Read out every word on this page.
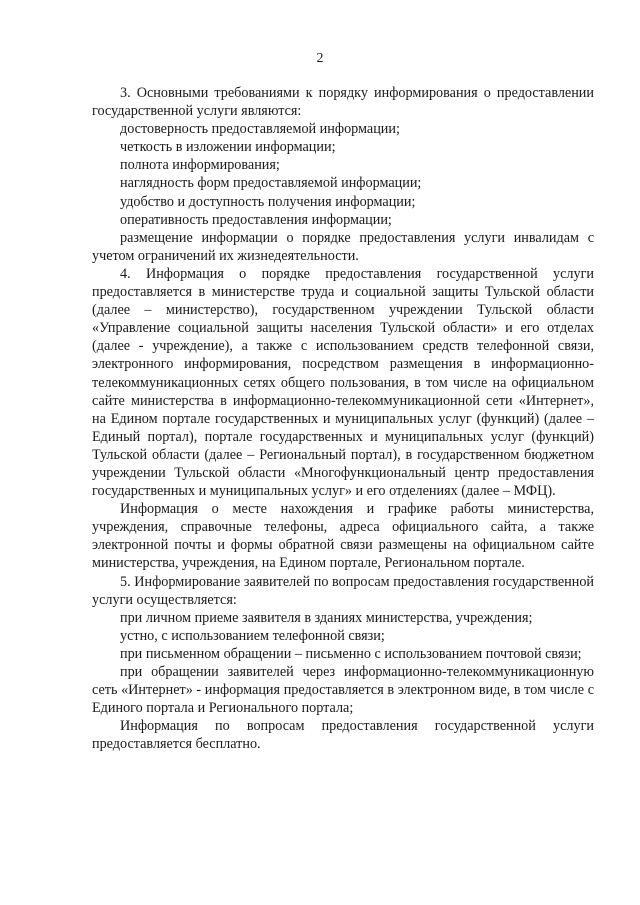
2

3. Основными требованиями к порядку информирования о предоставлении государственной услуги являются:

достоверность предоставляемой информации;

четкость в изложении информации;

полнота информирования;

наглядность форм предоставляемой информации;

удобство и доступность получения информации;

оперативность предоставления информации;

размещение информации о порядке предоставления услуги инвалидам с учетом ограничений их жизнедеятельности.

4. Информация о порядке предоставления государственной услуги предоставляется в министерстве труда и социальной защиты Тульской области (далее – министерство), государственном учреждении Тульской области «Управление социальной защиты населения Тульской области» и его отделах (далее - учреждение), а также с использованием средств телефонной связи, электронного информирования, посредством размещения в информационно-телекоммуникационных сетях общего пользования, в том числе на официальном сайте министерства в информационно-телекоммуникационной сети «Интернет», на Едином портале государственных и муниципальных услуг (функций) (далее – Единый портал), портале государственных и муниципальных услуг (функций) Тульской области (далее – Региональный портал), в государственном бюджетном учреждении Тульской области «Многофункциональный центр предоставления государственных и муниципальных услуг» и его отделениях (далее – МФЦ).

Информация о месте нахождения и графике работы министерства, учреждения, справочные телефоны, адреса официального сайта, а также электронной почты и формы обратной связи размещены на официальном сайте министерства, учреждения, на Едином портале, Региональном портале.

5. Информирование заявителей по вопросам предоставления государственной услуги осуществляется:

при личном приеме заявителя в зданиях министерства, учреждения;

устно, с использованием телефонной связи;

при письменном обращении – письменно с использованием почтовой связи;

при обращении заявителей через информационно-телекоммуникационную сеть «Интернет» - информация предоставляется в электронном виде, в том числе с Единого портала и Регионального портала;

Информация по вопросам предоставления государственной услуги предоставляется бесплатно.
